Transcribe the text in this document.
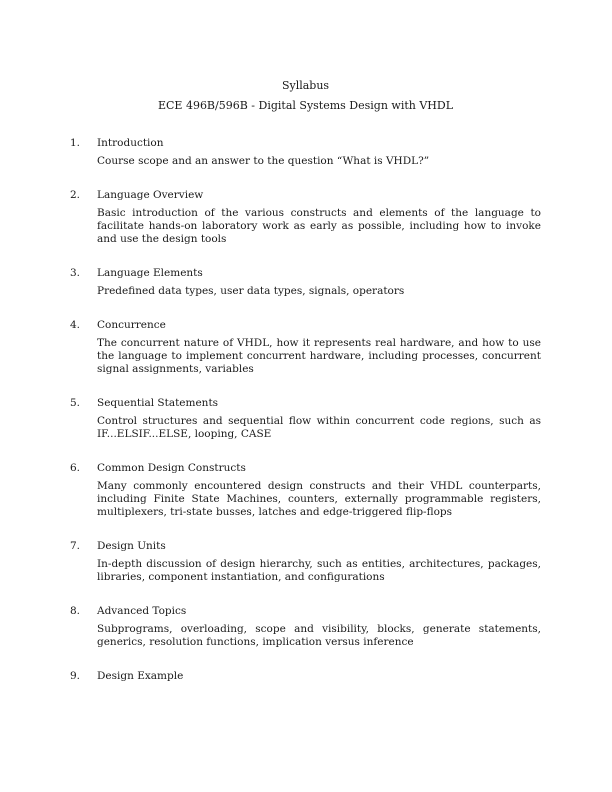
Syllabus
ECE 496B/596B - Digital Systems Design with VHDL
1.	Introduction
Course scope and an answer to the question “What is VHDL?”
2.	Language Overview
Basic introduction of the various constructs and elements of the language to facilitate hands-on laboratory work as early as possible, including how to invoke and use the design tools
3.	Language Elements
Predefined data types, user data types, signals, operators
4.	Concurrence
The concurrent nature of VHDL, how it represents real hardware, and how to use the language to implement concurrent hardware, including processes, concurrent signal assignments, variables
5.	Sequential Statements
Control structures and sequential flow within concurrent code regions, such as IF...ELSIF...ELSE, looping, CASE
6.	Common Design Constructs
Many commonly encountered design constructs and their VHDL counterparts, including Finite State Machines, counters, externally programmable registers, multiplexers, tri-state busses, latches and edge-triggered flip-flops
7.	Design Units
In-depth discussion of design hierarchy, such as entities, architectures, packages, libraries, component instantiation, and configurations
8.	Advanced Topics
Subprograms, overloading, scope and visibility, blocks, generate statements, generics, resolution functions, implication versus inference
9.	Design Example
